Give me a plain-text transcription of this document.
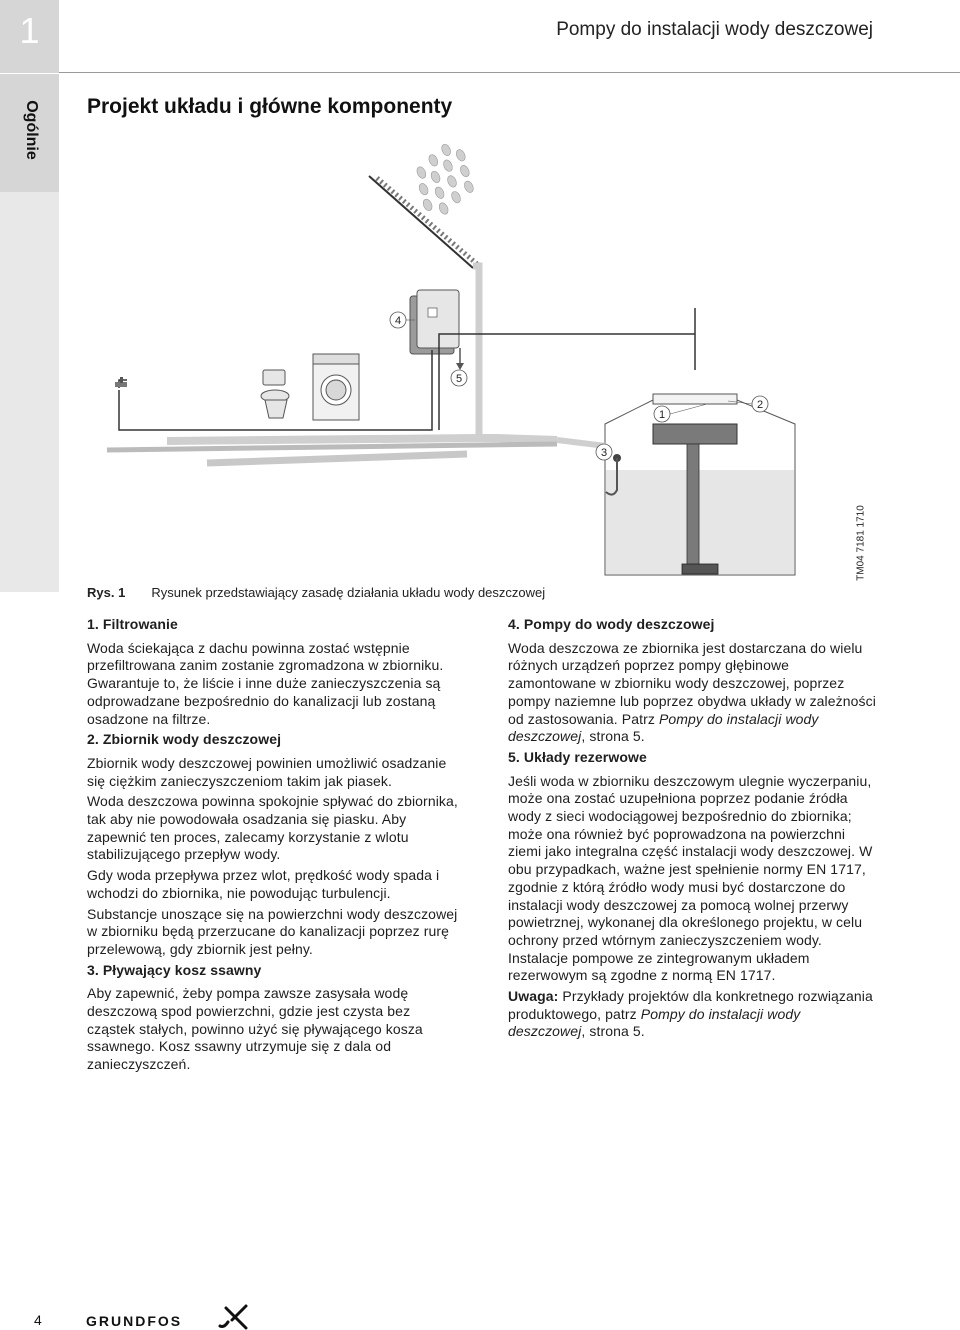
1	Pompy do instalacji wody deszczowej
Ogólnie Projekt układu i główne komponenty
1
2
3
4
5
TM04 7181 1710
Rys. 1 Rysunek przedstawiający zasadę działania układu wody deszczowej
1. Filtrowanie

Woda ściekająca z dachu powinna zostać wstępnie przefiltrowana zanim zostanie zgromadzona w zbiorniku. Gwarantuje to, że liście i inne duże zanieczyszczenia są odprowadzane bezpośrednio do kanalizacji lub zostaną osadzone na filtrze.

2. Zbiornik wody deszczowej

Zbiornik wody deszczowej powinien umożliwić osadzanie się ciężkim zanieczyszczeniom takim jak piasek.

Woda deszczowa powinna spokojnie spływać do zbiornika, tak aby nie powodowała osadzania się piasku. Aby zapewnić ten proces, zalecamy korzystanie z wlotu stabilizującego przepływ wody.

Gdy woda przepływa przez wlot, prędkość wody spada i wchodzi do zbiornika, nie powodując turbulencji.

Substancje unoszące się na powierzchni wody deszczowej w zbiorniku będą przerzucane do kanalizacji poprzez rurę przelewową, gdy zbiornik jest pełny.

3. Pływający kosz ssawny

Aby zapewnić, żeby pompa zawsze zasysała wodę deszczową spod powierzchni, gdzie jest czysta bez cząstek stałych, powinno użyć się pływającego kosza ssawnego. Kosz ssawny utrzymuje się z dala od zanieczyszczeń.

4. Pompy do wody deszczowej

Woda deszczowa ze zbiornika jest dostarczana do wielu różnych urządzeń poprzez pompy głębinowe zamontowane w zbiorniku wody deszczowej, poprzez pompy naziemne lub poprzez obydwa układy w zależności od zastosowania. Patrz Pompy do instalacji wody deszczowej, strona 5.

5. Układy rezerwowe

Jeśli woda w zbiorniku deszczowym ulegnie wyczerpaniu, może ona zostać uzupełniona poprzez podanie źródła wody z sieci wodociągowej bezpośrednio do zbiornika; może ona również być poprowadzona na powierzchni ziemi jako integralna część instalacji wody deszczowej. W obu przypadkach, ważne jest spełnienie normy EN 1717, zgodnie z którą źródło wody musi być dostarczone do instalacji wody deszczowej za pomocą wolnej przerwy powietrznej, wykonanej dla określonego projektu, w celu ochrony przed wtórnym zanieczyszczeniem wody. Instalacje pompowe ze zintegrowanym układem rezerwowym są zgodne z normą EN 1717.

Uwaga: Przykłady projektów dla konkretnego rozwiązania produktowego, patrz Pompy do instalacji wody deszczowej, strona 5.

4	GRUNDFOS
